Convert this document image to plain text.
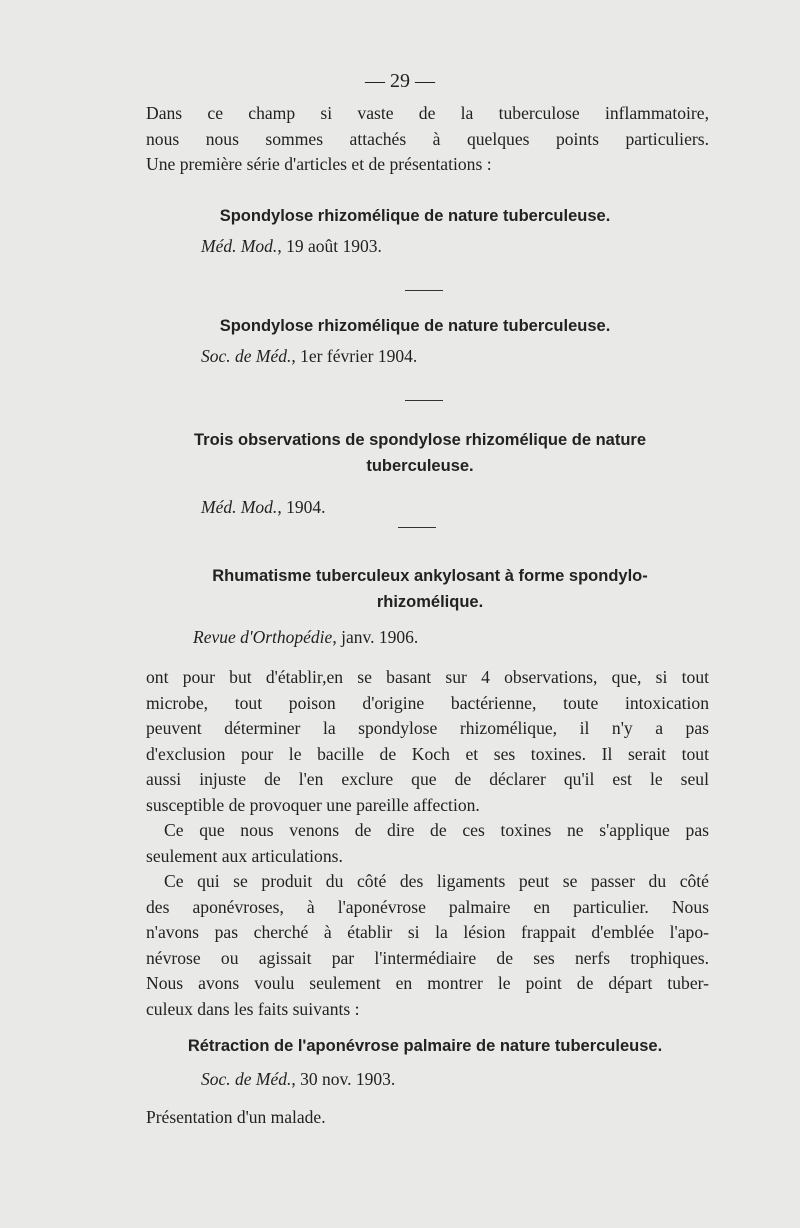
— 29 —

Dans ce champ si vaste de la tuberculose inflammatoire,

nous nous sommes attachés à quelques points particuliers.

Une première série d'articles et de présentations :

Spondylose rhizomélique de nature tuberculeuse.
Méd. Mod., 19 août 1903.
Spondylose rhizomélique de nature tuberculeuse.
Soc. de Méd., 1er février 1904.
Trois observations de spondylose rhizomélique de nature
tuberculeuse.
Méd. Mod., 1904.
Rhumatisme tuberculeux ankylosant à forme spondylo-
rhizomélique.
Revue d'Orthopédie, janv. 1906.

ont pour but d'établir,en se basant sur 4 observations, que, si tout

microbe, tout poison d'origine bactérienne, toute intoxication

peuvent déterminer la spondylose rhizomélique, il n'y a pas

d'exclusion pour le bacille de Koch et ses toxines. Il serait tout

aussi injuste de l'en exclure que de déclarer qu'il est le seul

susceptible de provoquer une pareille affection.

Ce que nous venons de dire de ces toxines ne s'applique pas

seulement aux articulations.

Ce qui se produit du côté des ligaments peut se passer du côté

des aponévroses, à l'aponévrose palmaire en particulier. Nous

n'avons pas cherché à établir si la lésion frappait d'emblée l'apo-

névrose ou agissait par l'intermédiaire de ses nerfs trophiques.

Nous avons voulu seulement en montrer le point de départ tuber-

culeux dans les faits suivants :

Rétraction de l'aponévrose palmaire de nature tuberculeuse.
Soc. de Méd., 30 nov. 1903.
Présentation d'un malade.
